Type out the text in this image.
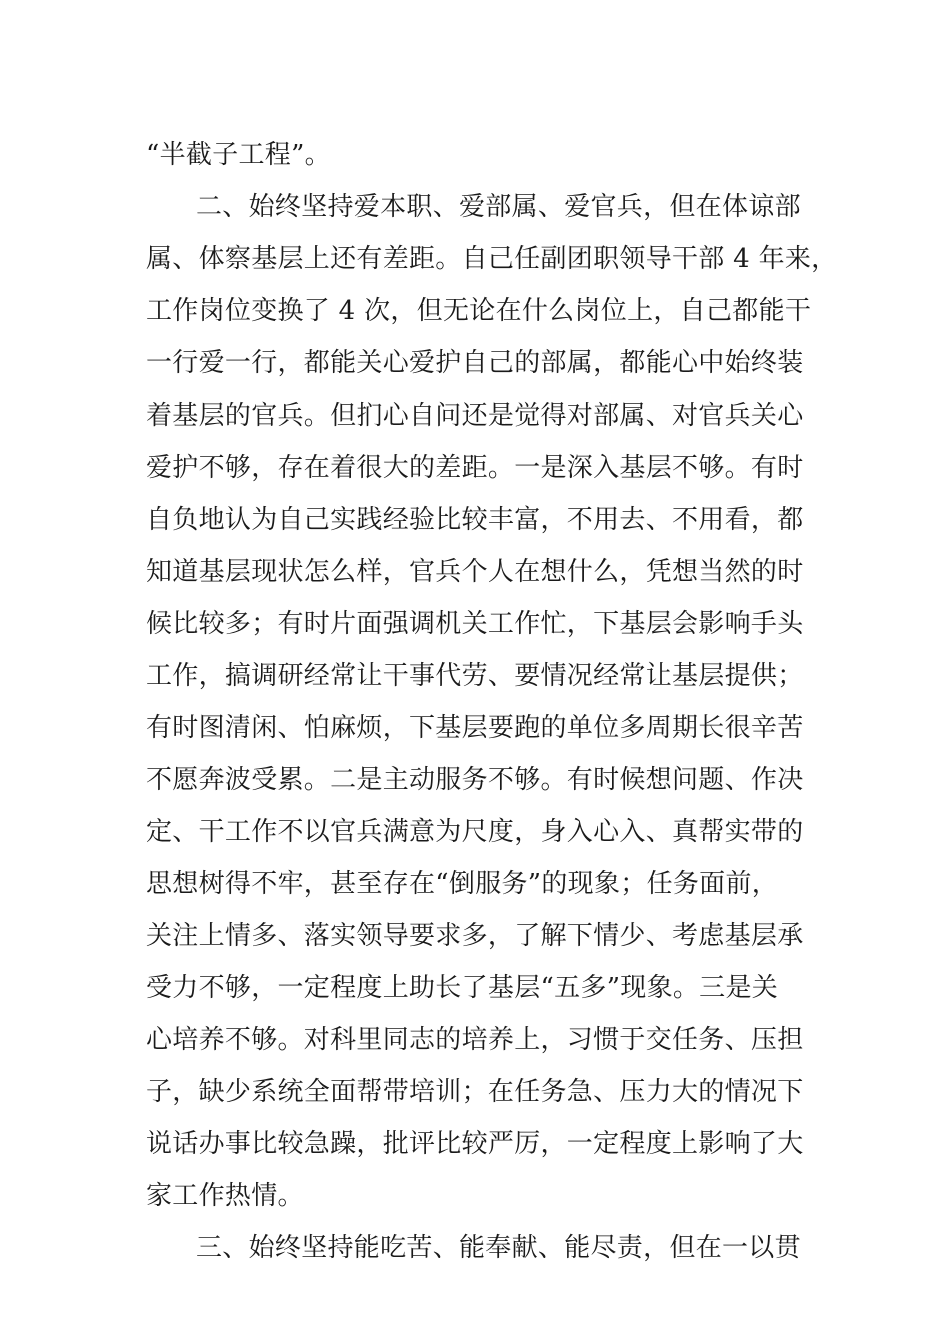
“半截子工程”。

二、始终坚持爱本职、爱部属、爱官兵，但在体谅部

属、体察基层上还有差距。自己任副团职领导干部 4 年来，

工作岗位变换了 4 次，但无论在什么岗位上，自己都能干

一行爱一行，都能关心爱护自己的部属，都能心中始终装

着基层的官兵。但扪心自问还是觉得对部属、对官兵关心

爱护不够，存在着很大的差距。一是深入基层不够。有时

自负地认为自己实践经验比较丰富，不用去、不用看，都

知道基层现状怎么样，官兵个人在想什么，凭想当然的时

候比较多；有时片面强调机关工作忙，下基层会影响手头

工作，搞调研经常让干事代劳、要情况经常让基层提供；

有时图清闲、怕麻烦，下基层要跑的单位多周期长很辛苦

不愿奔波受累。二是主动服务不够。有时候想问题、作决

定、干工作不以官兵满意为尺度，身入心入、真帮实带的

思想树得不牢，甚至存在“倒服务”的现象；任务面前，

关注上情多、落实领导要求多，了解下情少、考虑基层承

受力不够，一定程度上助长了基层“五多”现象。三是关

心培养不够。对科里同志的培养上，习惯于交任务、压担

子，缺少系统全面帮带培训；在任务急、压力大的情况下

说话办事比较急躁，批评比较严厉，一定程度上影响了大

家工作热情。

三、始终坚持能吃苦、能奉献、能尽责，但在一以贯
